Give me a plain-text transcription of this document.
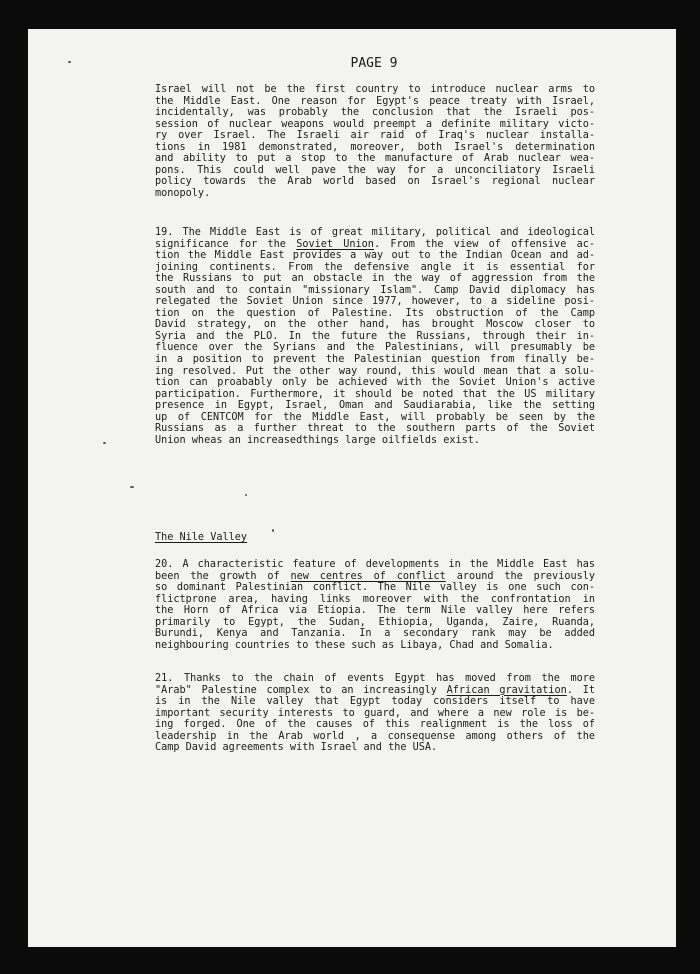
PAGE 9
Israel will not be the first country to introduce nuclear arms to
the Middle East. One reason for Egypt's peace treaty with Israel,
incidentally, was probably the conclusion that the Israeli pos-
session of nuclear weapons would preempt a definite military victo-
ry over Israel. The Israeli air raid of Iraq's nuclear installa-
tions in 1981 demonstrated, moreover, both Israel's determination
and ability to put a stop to the manufacture of Arab nuclear wea-
pons. This could well pave the way for a unconciliatory Israeli
policy towards the Arab world based on Israel's regional nuclear
monopoly.
19. The Middle East is of great military, political and ideological
significance for the Soviet Union. From the view of offensive ac-
tion the Middle East provides a way out to the Indian Ocean and ad-
joining continents. From the defensive angle it is essential for
the Russians to put an obstacle in the way of aggression from the
south and to contain "missionary Islam". Camp David diplomacy has
relegated the Soviet Union since 1977, however, to a sideline posi-
tion on the question of Palestine. Its obstruction of the Camp
David strategy, on the other hand, has brought Moscow closer to
Syria and the PLO. In the future the Russians, through their in-
fluence over the Syrians and the Palestinians, will presumably be
in a position to prevent the Palestinian question from finally be-
ing resolved. Put the other way round, this would mean that a solu-
tion can proabably only be achieved with the Soviet Union's active
participation. Furthermore, it should be noted that the US military
presence in Egypt, Israel, Oman and Saudiarabia, like the setting
up of CENTCOM for the Middle East, will probably be seen by the
Russians as a further threat to the southern parts of the Soviet
Union wheas an increasedthings large oilfields exist.
The Nile Valley
20. A characteristic feature of developments in the Middle East has
been the growth of new centres of conflict around the previously
so dominant Palestinian conflict. The Nile valley is one such con-
flictprone area, having links moreover with the confrontation in
the Horn of Africa via Etiopia. The term Nile valley here refers
primarily to Egypt, the Sudan, Ethiopia, Uganda, Zaire, Ruanda,
Burundi, Kenya and Tanzania. In a secondary rank may be added
neighbouring countries to these such as Libaya, Chad and Somalia.
21. Thanks to the chain of events Egypt has moved from the more
"Arab" Palestine complex to an increasingly African gravitation. It
is in the Nile valley that Egypt today considers itself to have
important security interests to guard, and where a new role is be-
ing forged. One of the causes of this realignment is the loss of
leadership in the Arab world , a consequense among others of the
Camp David agreements with Israel and the USA.
